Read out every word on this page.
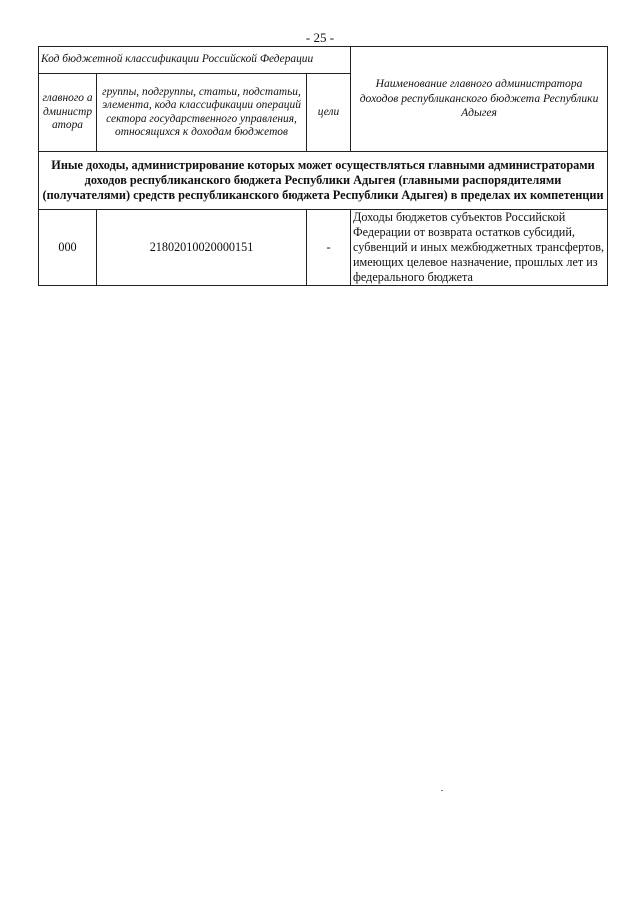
- 25 -
Код бюджетной классификации Российской Федерации			Наименование главного администратора доходов республиканского бюджета Республики Адыгея
главного администратора	группы, подгруппы, статьи, подстатьи, элемента, кода классификации операций сектора государственного управления, относящихся к доходам бюджетов	цели	
Иные доходы, администрирование которых может осуществляться главными администраторами доходов республиканского бюджета Республики Адыгея (главными распорядителями (получателями) средств республиканского бюджета Республики Адыгея) в пределах их компетенции			
000	21802010020000151	-	Доходы бюджетов субъектов Российской Федерации от возврата остатков субсидий, субвенций и иных межбюджетных трансфертов, имеющих целевое назначение, прошлых лет из федерального бюджета
